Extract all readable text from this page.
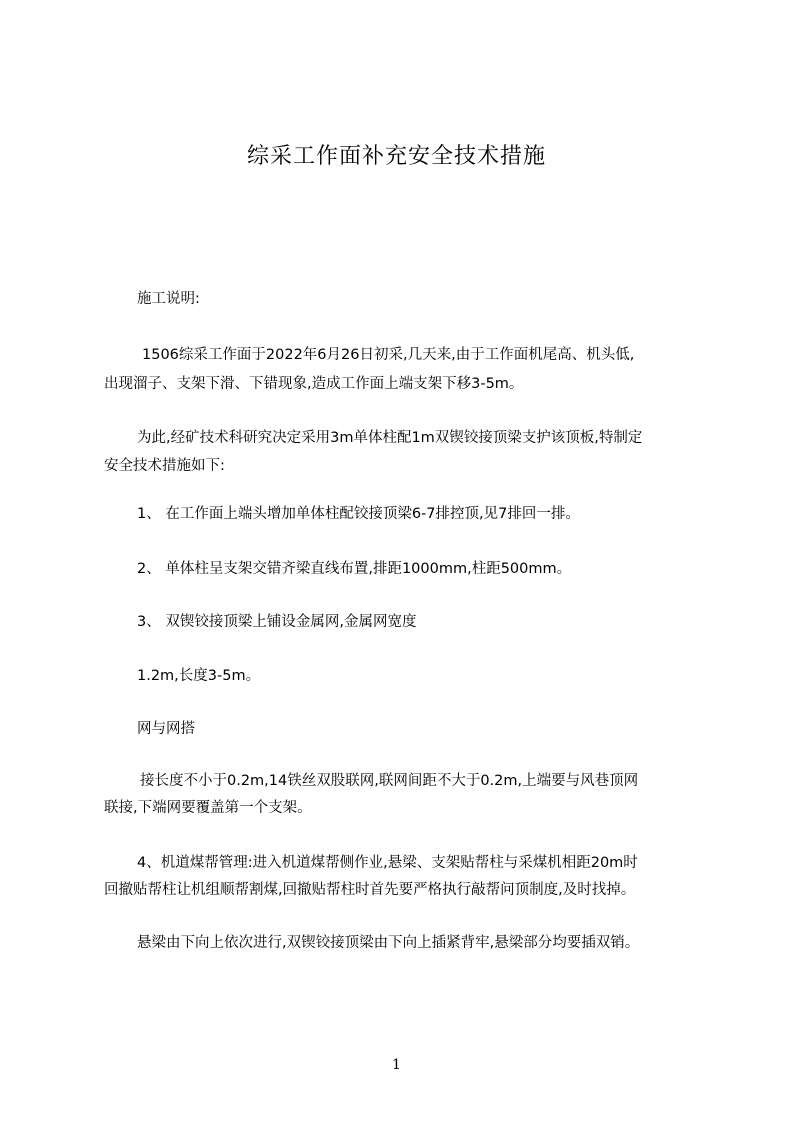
综采工作面补充安全技术措施
施工说明:
1506综采工作面于2022年6月26日初采,几天来,由于工作面机尾高、机头低,
出现溜子、支架下滑、下错现象,造成工作面上端支架下移3-5m。
为此,经矿技术科研究决定采用3m单体柱配1m双锲铰接顶梁支护该顶板,特制定
安全技术措施如下:
1、 在工作面上端头增加单体柱配铰接顶梁6-7排控顶,见7排回一排。
2、 单体柱呈支架交错齐梁直线布置,排距1000mm,柱距500mm。
3、 双锲铰接顶梁上铺设金属网,金属网宽度
1.2m,长度3-5m。
网与网搭
接长度不小于0.2m,14铁丝双股联网,联网间距不大于0.2m,上端要与风巷顶网
联接,下端网要覆盖第一个支架。
4、机道煤帮管理:进入机道煤帮侧作业,悬梁、支架贴帮柱与采煤机相距20m时
回撤贴帮柱让机组顺帮割煤,回撤贴帮柱时首先要严格执行敲帮问顶制度,及时找掉。
悬梁由下向上依次进行,双锲铰接顶梁由下向上插紧背牢,悬梁部分均要插双销。
1
